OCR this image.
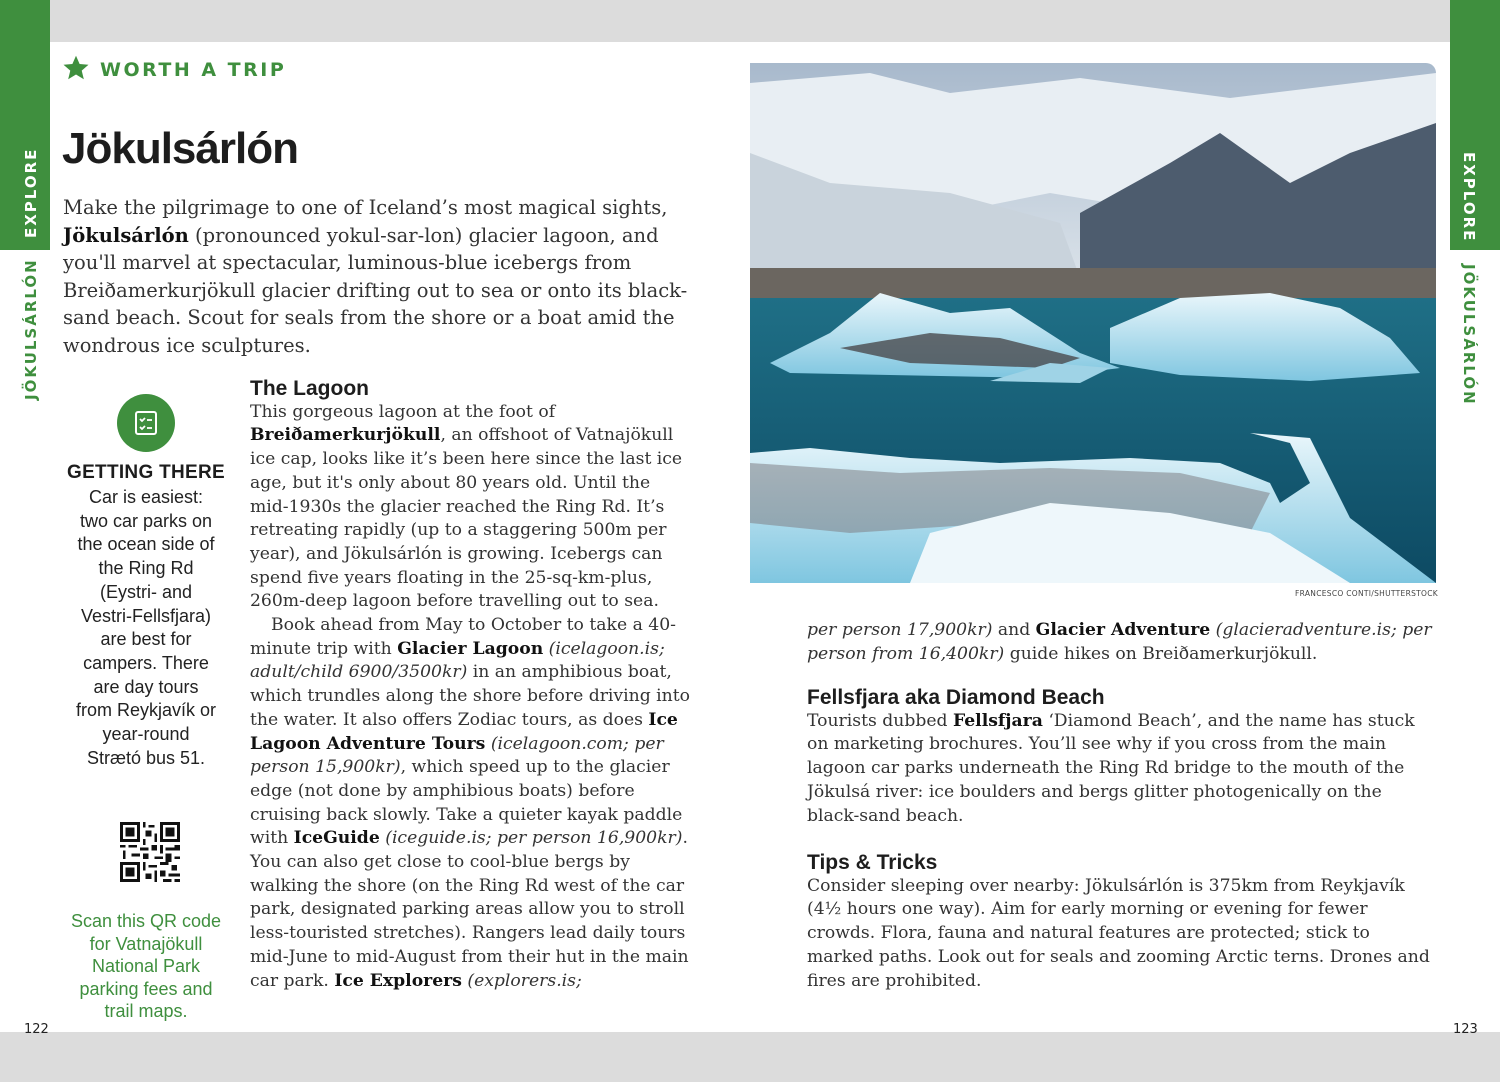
EXPLORE
JÖKULSÁRLÓN
122
EXPLORE
JÖKULSÁRLÓN
123
WORTH A TRIP
Jökulsárlón
Make the pilgrimage to one of Iceland’s most magical sights, Jökulsárlón (pronounced yokul-sar-lon) glacier lagoon, and you'll marvel at spectacular, luminous-blue icebergs from Breiðamerkurjökull glacier drifting out to sea or onto its black-sand beach. Scout for seals from the shore or a boat amid the wondrous ice sculptures.
GETTING THERE
Car is easiest: two car parks on the ocean side of the Ring Rd (Eystri- and Vestri-Fellsfjara) are best for campers. There are day tours from Reykjavík or year-round Strætó bus 51.
Scan this QR code for Vatnajökull National Park parking fees and trail maps.
The Lagoon

This gorgeous lagoon at the foot of Breiðamerkurjökull, an offshoot of Vatnajökull ice cap, looks like it’s been here since the last ice age, but it's only about 80 years old. Until the mid-1930s the glacier reached the Ring Rd. It’s retreating rapidly (up to a staggering 500m per year), and Jökulsárlón is growing. Icebergs can spend five years floating in the 25-sq-km-plus, 260m-deep lagoon before travelling out to sea.

Book ahead from May to October to take a 40-minute trip with Glacier Lagoon (icelagoon.is; adult/child 6900/3500kr) in an amphibious boat, which trundles along the shore before driving into the water. It also offers Zodiac tours, as does Ice Lagoon Adventure Tours (icelagoon.com; per person 15,900kr), which speed up to the glacier edge (not done by amphibious boats) before cruising back slowly. Take a quieter kayak paddle with IceGuide (iceguide.is; per person 16,900kr). You can also get close to cool-blue bergs by walking the shore (on the Ring Rd west of the car park, designated parking areas allow you to stroll less-touristed stretches). Rangers lead daily tours mid-June to mid-August from their hut in the main car park. Ice Explorers (explorers.is;

FRANCESCO CONTI/SHUTTERSTOCK

per person 17,900kr) and Glacier Adventure (glacieradventure.is; per person from 16,400kr) guide hikes on Breiðamerkurjökull.

Fellsfjara aka Diamond Beach

Tourists dubbed Fellsfjara ‘Diamond Beach’, and the name has stuck on marketing brochures. You’ll see why if you cross from the main lagoon car parks underneath the Ring Rd bridge to the mouth of the Jökulsá river: ice boulders and bergs glitter photogenically on the black-sand beach.

Tips & Tricks

Consider sleeping over nearby: Jökulsárlón is 375km from Reykjavík (4½ hours one way). Aim for early morning or evening for fewer crowds. Flora, fauna and natural features are protected; stick to marked paths. Look out for seals and zooming Arctic terns. Drones and fires are prohibited.
